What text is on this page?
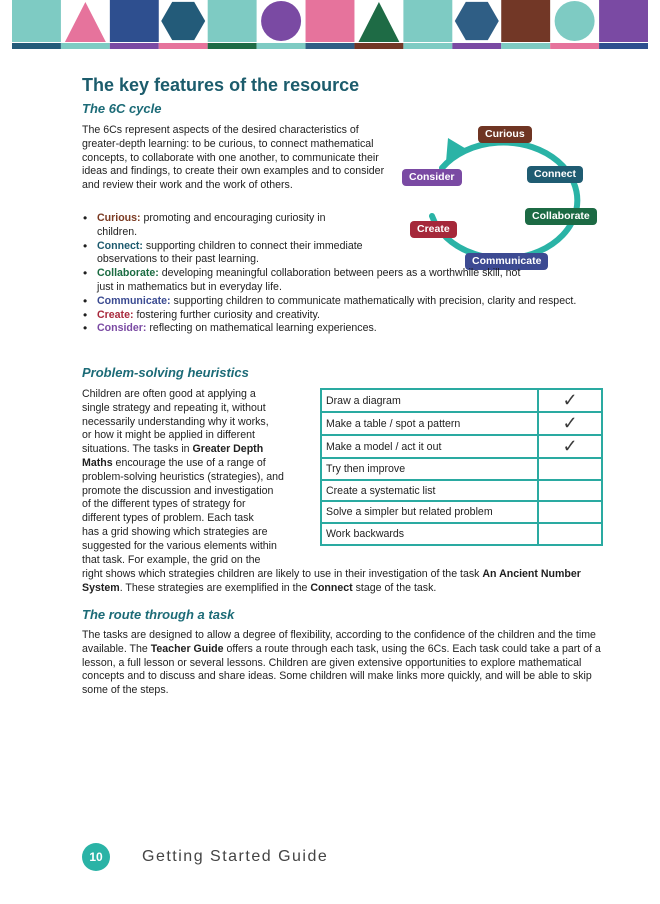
The key features of the resource
The 6C cycle

The 6Cs represent aspects of the desired characteristics of greater-depth learning: to be curious, to connect mathematical concepts, to collaborate with one another, to communicate their ideas and findings, to create their own examples and to consider and review their work and the work of others.

Curious
Consider	Connect
Collaborate
Create
Communicate
• Curious: promoting and encouraging curiosity in children.
• Connect: supporting children to connect their immediate observations to their past learning.
• Collaborate: developing meaningful collaboration between peers as a worthwhile skill, not just in mathematics but in everyday life.
• Communicate: supporting children to communicate mathematically with precision, clarity and respect.
• Create: fostering further curiosity and creativity.
• Consider: reflecting on mathematical learning experiences.
Problem-solving heuristics
Children are often good at applying a
single strategy and repeating it, without
necessarily understanding why it works,
or how it might be applied in different
situations. The tasks in Greater Depth
Maths encourage the use of a range of
problem-solving heuristics (strategies), and
promote the discussion and investigation
of the different types of strategy for
different types of problem. Each task
has a grid showing which strategies are
suggested for the various elements within
that task. For example, the grid on the

right shows which strategies children are likely to use in their investigation of the task An Ancient Number System. These strategies are exemplified in the Connect stage of the task.

Draw a diagram	✓
Make a table / spot a pattern	✓
Make a model / act it out	✓
Try then improve	
Create a systematic list	
Solve a simpler but related problem	
Work backwards	
The route through a task

The tasks are designed to allow a degree of flexibility, according to the confidence of the children and the time available. The Teacher Guide offers a route through each task, using the 6Cs. Each task could take a part of a lesson, a full lesson or several lessons. Children are given extensive opportunities to explore mathematical concepts and to discuss and share ideas. Some children will make links more quickly, and will be able to skip some of the steps.

10	Getting Started Guide
